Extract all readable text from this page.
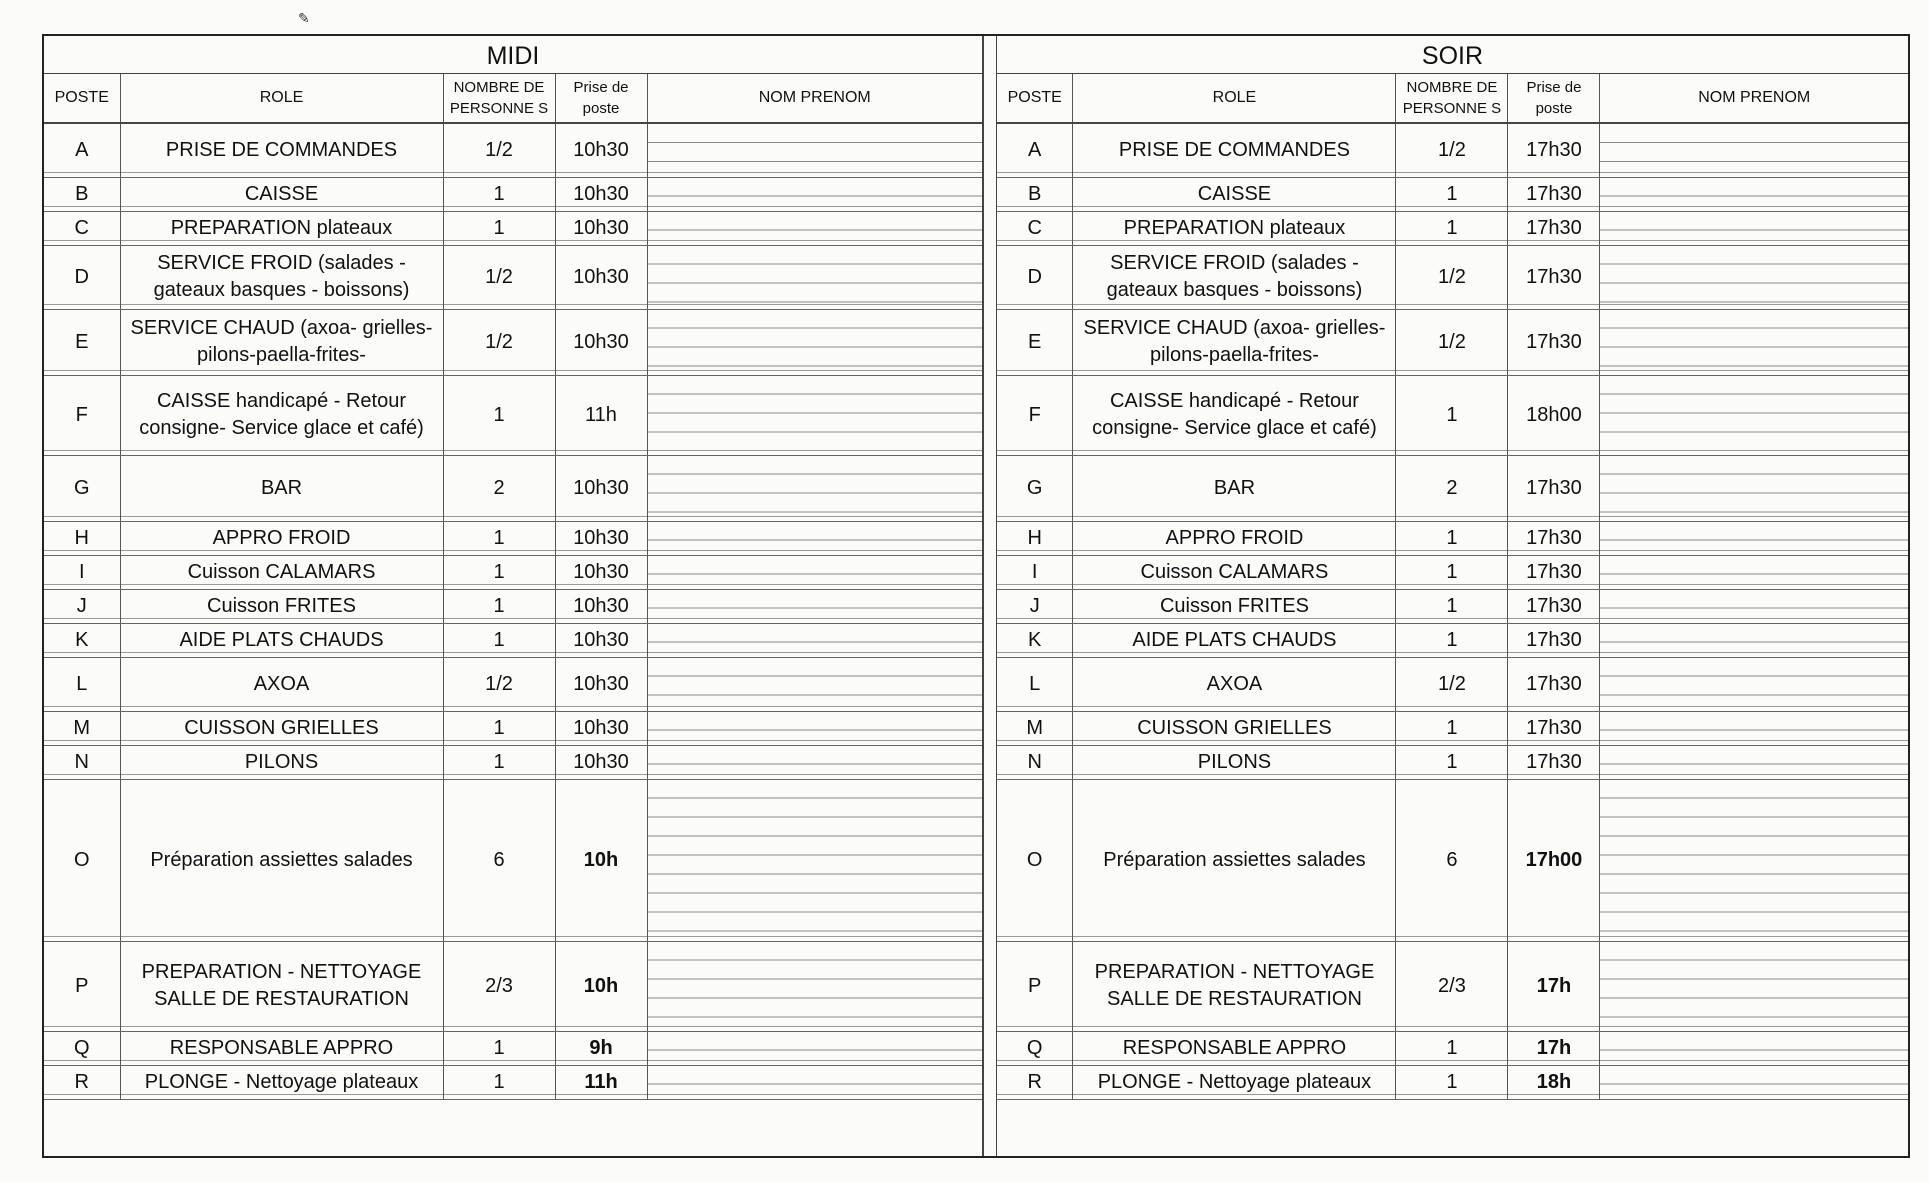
✎
MIDI
POSTE	ROLE	NOMBRE DE PERSONNE S	Prise de poste	NOM PRENOM
A	PRISE DE COMMANDES	1/2	10h30	
B	CAISSE	1	10h30	
C	PREPARATION plateaux	1	10h30	
D	SERVICE FROID (salades - gateaux basques - boissons)	1/2	10h30	
E	SERVICE CHAUD (axoa- grielles-pilons-paella-frites-	1/2	10h30	
F	CAISSE handicapé - Retour consigne- Service glace et café)	1	11h	
G	BAR	2	10h30	
H	APPRO FROID	1	10h30	
I	Cuisson CALAMARS	1	10h30	
J	Cuisson FRITES	1	10h30	
K	AIDE PLATS CHAUDS	1	10h30	
L	AXOA	1/2	10h30	
M	CUISSON GRIELLES	1	10h30	
N	PILONS	1	10h30	
O	Préparation assiettes salades	6	10h	
P	PREPARATION - NETTOYAGE SALLE DE RESTAURATION	2/3	10h	
Q	RESPONSABLE APPRO	1	9h	
R	PLONGE - Nettoyage plateaux	1	11h	
SOIR
POSTE	ROLE	NOMBRE DE PERSONNE S	Prise de poste	NOM PRENOM
A	PRISE DE COMMANDES	1/2	17h30	
B	CAISSE	1	17h30	
C	PREPARATION plateaux	1	17h30	
D	SERVICE FROID (salades - gateaux basques - boissons)	1/2	17h30	
E	SERVICE CHAUD (axoa- grielles-pilons-paella-frites-	1/2	17h30	
F	CAISSE handicapé - Retour consigne- Service glace et café)	1	18h00	
G	BAR	2	17h30	
H	APPRO FROID	1	17h30	
I	Cuisson CALAMARS	1	17h30	
J	Cuisson FRITES	1	17h30	
K	AIDE PLATS CHAUDS	1	17h30	
L	AXOA	1/2	17h30	
M	CUISSON GRIELLES	1	17h30	
N	PILONS	1	17h30	
O	Préparation assiettes salades	6	17h00	
P	PREPARATION - NETTOYAGE SALLE DE RESTAURATION	2/3	17h	
Q	RESPONSABLE APPRO	1	17h	
R	PLONGE - Nettoyage plateaux	1	18h	
